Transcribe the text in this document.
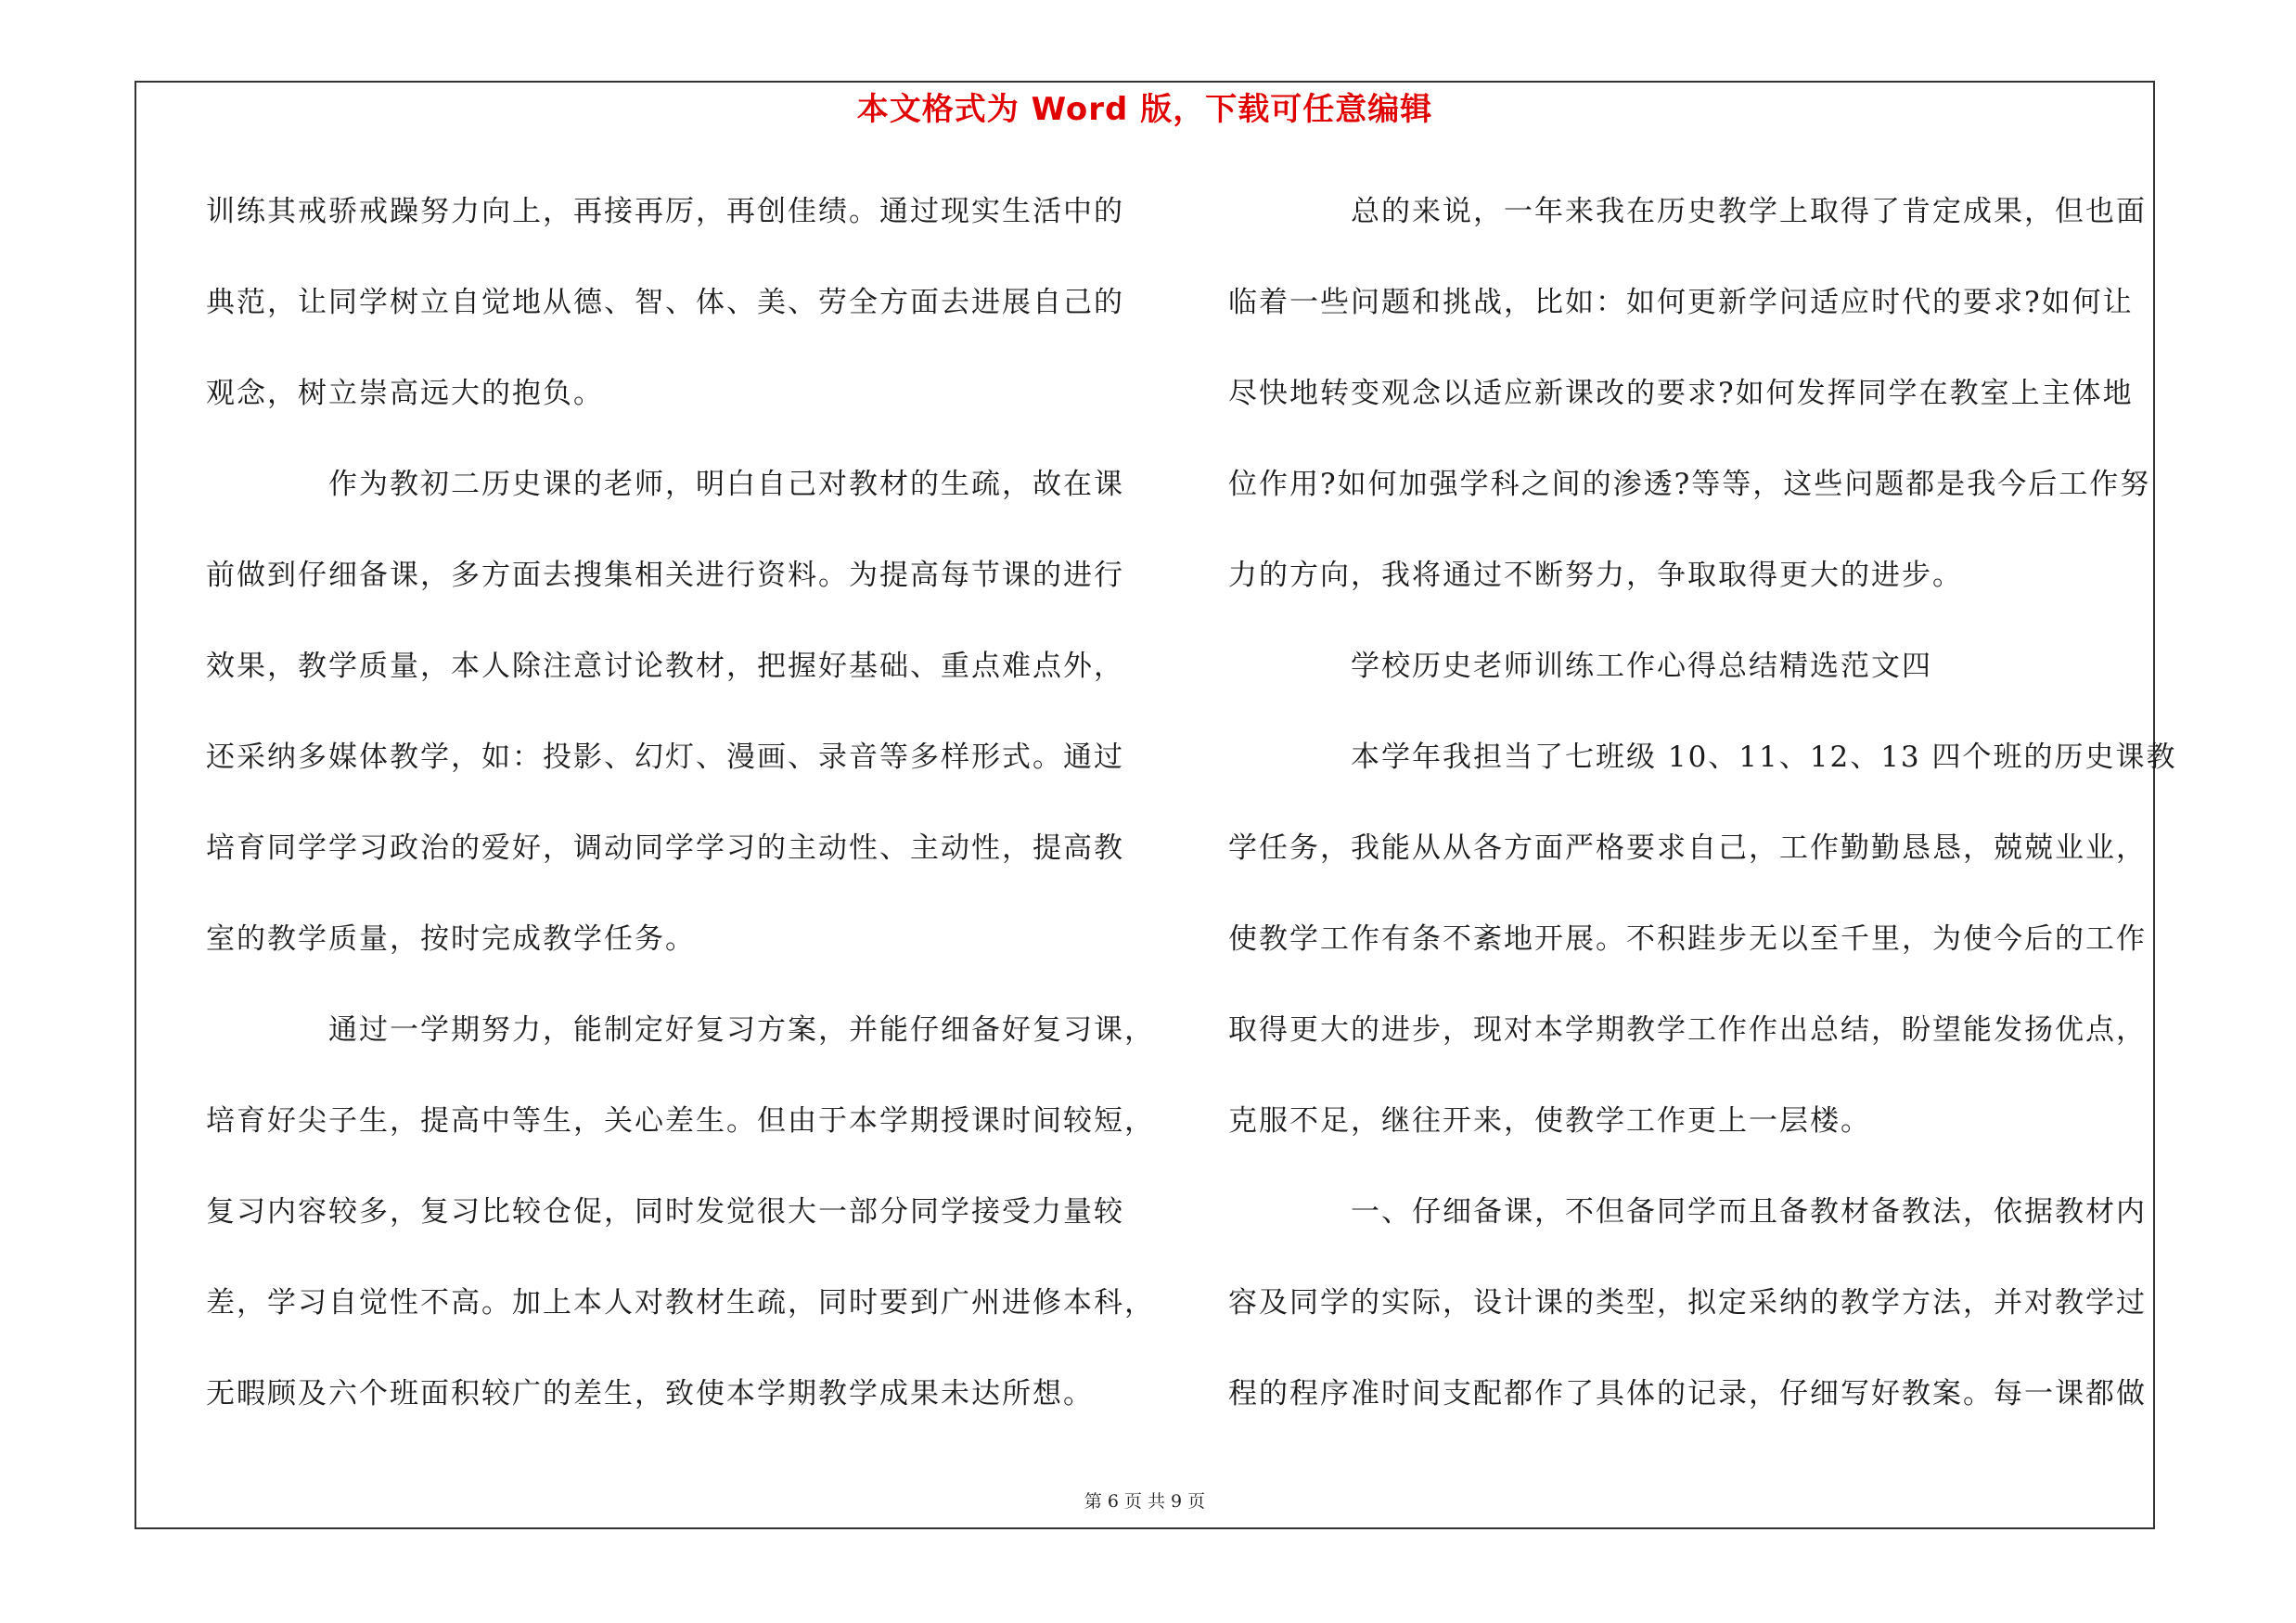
本文格式为 Word 版，下载可任意编辑
训练其戒骄戒躁努力向上，再接再厉，再创佳绩。通过现实生活中的
典范，让同学树立自觉地从德、智、体、美、劳全方面去进展自己的
观念，树立崇高远大的抱负。
作为教初二历史课的老师，明白自己对教材的生疏，故在课
前做到仔细备课，多方面去搜集相关进行资料。为提高每节课的进行
效果，教学质量，本人除注意讨论教材，把握好基础、重点难点外，
还采纳多媒体教学，如：投影、幻灯、漫画、录音等多样形式。通过
培育同学学习政治的爱好，调动同学学习的主动性、主动性，提高教
室的教学质量，按时完成教学任务。
通过一学期努力，能制定好复习方案，并能仔细备好复习课，
培育好尖子生，提高中等生，关心差生。但由于本学期授课时间较短，
复习内容较多，复习比较仓促，同时发觉很大一部分同学接受力量较
差，学习自觉性不高。加上本人对教材生疏，同时要到广州进修本科，
无暇顾及六个班面积较广的差生，致使本学期教学成果未达所想。
总的来说，一年来我在历史教学上取得了肯定成果，但也面
临着一些问题和挑战，比如：如何更新学问适应时代的要求?如何让
尽快地转变观念以适应新课改的要求?如何发挥同学在教室上主体地
位作用?如何加强学科之间的渗透?等等，这些问题都是我今后工作努
力的方向，我将通过不断努力，争取取得更大的进步。
学校历史老师训练工作心得总结精选范文四
本学年我担当了七班级 10、11、12、13 四个班的历史课教
学任务，我能从从各方面严格要求自己，工作勤勤恳恳，兢兢业业，
使教学工作有条不紊地开展。不积跬步无以至千里，为使今后的工作
取得更大的进步，现对本学期教学工作作出总结，盼望能发扬优点，
克服不足，继往开来，使教学工作更上一层楼。
一、仔细备课，不但备同学而且备教材备教法，依据教材内
容及同学的实际，设计课的类型，拟定采纳的教学方法，并对教学过
程的程序准时间支配都作了具体的记录，仔细写好教案。每一课都做
第 6 页 共 9 页
